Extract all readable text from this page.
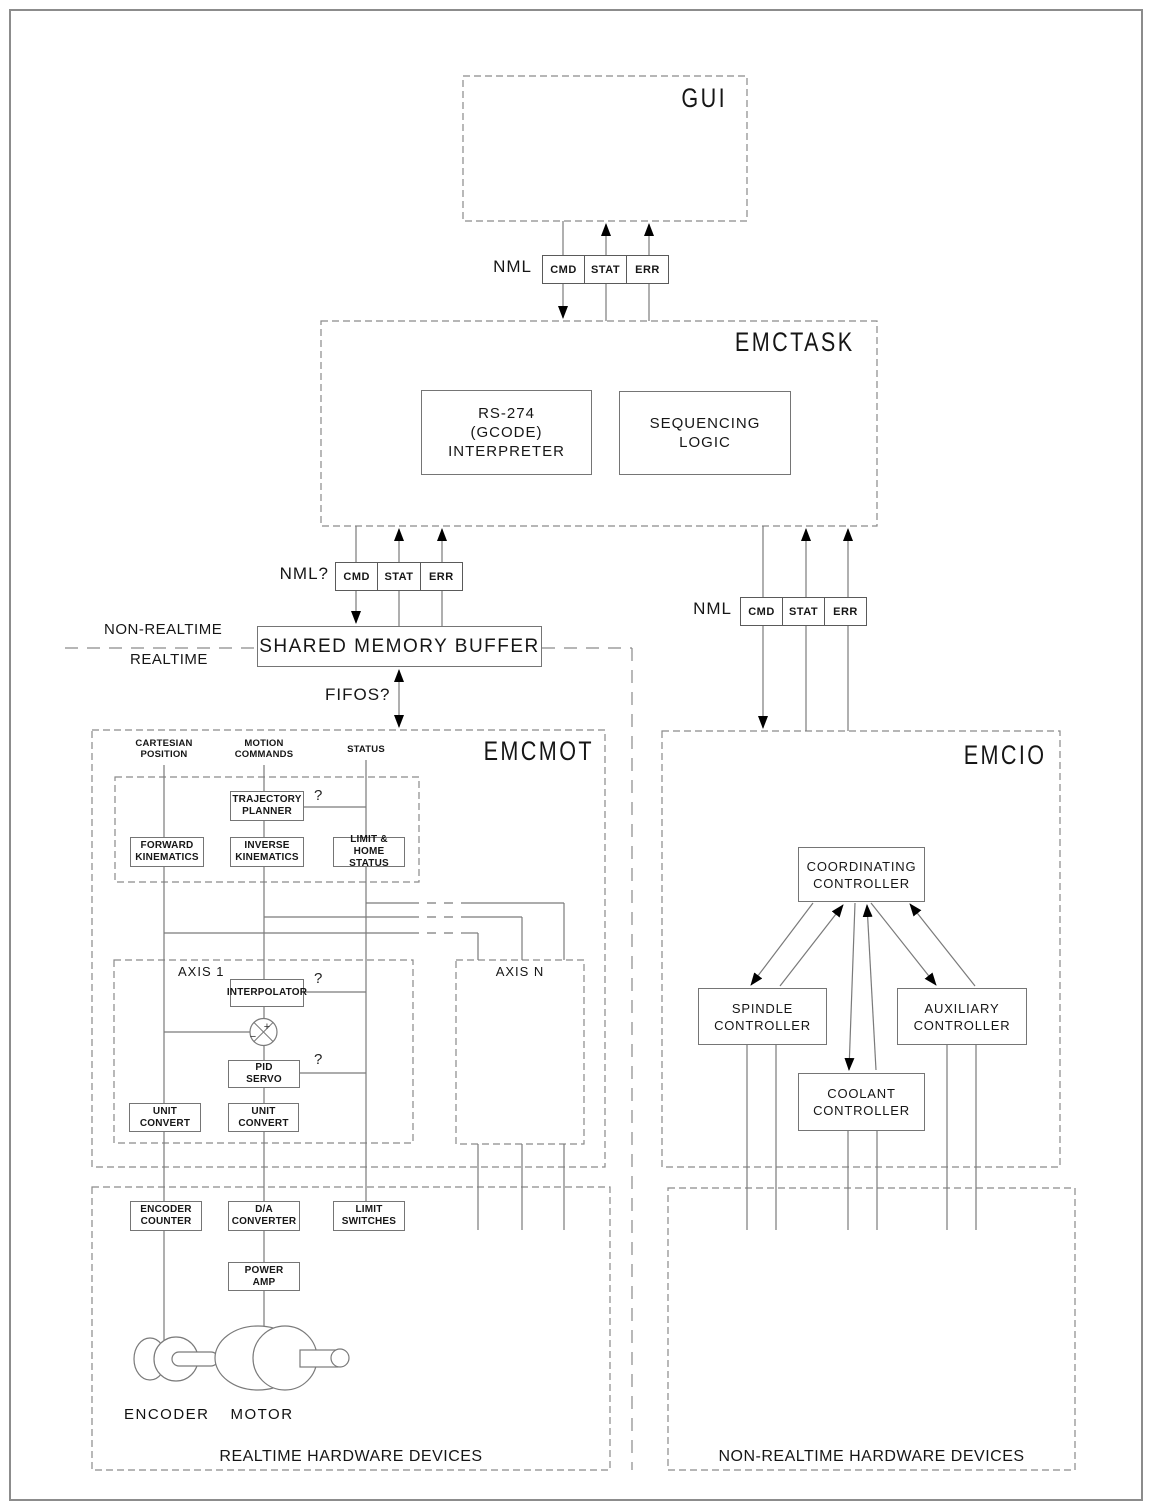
+
−
GUI
EMCTASK
EMCMOT	EMCIO
NML	CMD	STAT	ERR
NML?	CMD	STAT	ERR
NML	CMD	STAT	ERR
RS-274
(GCODE)
INTERPRETER
SEQUENCING
LOGIC
NON-REALTIME
REALTIME
SHARED MEMORY BUFFER
FIFOS?
CARTESIAN
POSITION
MOTION
COMMANDS	STATUS
TRAJECTORY
PLANNER
?
FORWARD
KINEMATICS
INVERSE
KINEMATICS
LIMIT & HOME
STATUS
AXIS 1	AXIS N
INTERPOLATOR
?
PID
SERVO
?
UNIT
CONVERT
UNIT
CONVERT
COORDINATING
CONTROLLER
SPINDLE
CONTROLLER
AUXILIARY
CONTROLLER
COOLANT
CONTROLLER
ENCODER
COUNTER
D/A
CONVERTER
LIMIT
SWITCHES
POWER
AMP
ENCODER	MOTOR
REALTIME HARDWARE DEVICES	NON-REALTIME HARDWARE DEVICES
